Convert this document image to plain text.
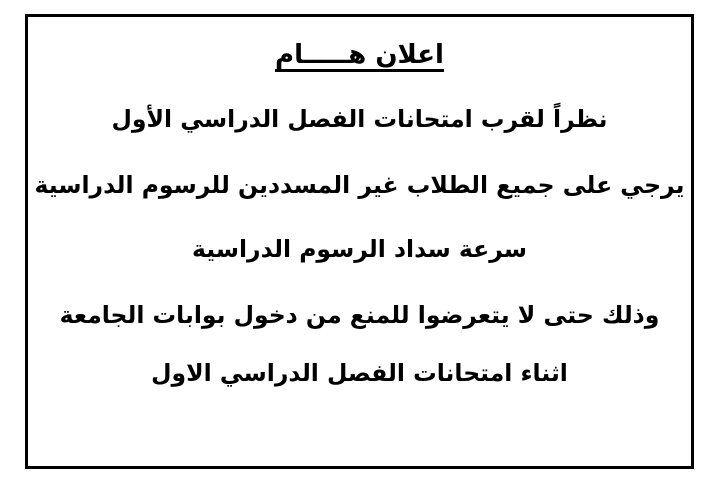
اعلان هـــــام
نظراً لقرب امتحانات الفصل الدراسي الأول
يرجي على جميع الطلاب غير المسددين للرسوم الدراسية
سرعة سداد الرسوم الدراسية
وذلك حتى لا يتعرضوا للمنع من دخول بوابات الجامعة
اثناء امتحانات الفصل الدراسي الاول
